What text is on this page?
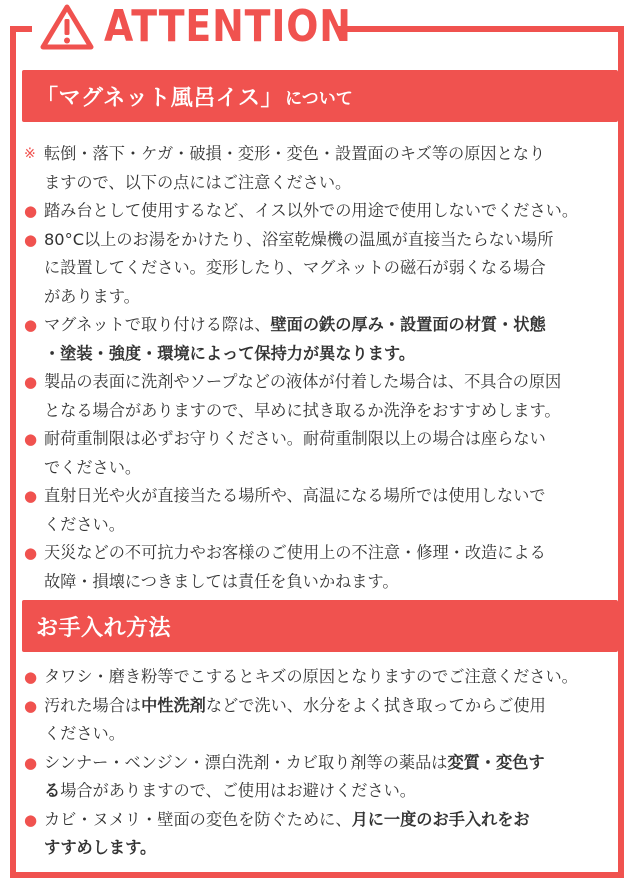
ATTENTION
「マグネット風呂イス」 について
※ 転倒・落下・ケガ・破損・変形・変色・設置面のキズ等の原因となり
ますので、以下の点にはご注意ください。
● 踏み台として使用するなど、イス以外での用途で使用しないでください。
● 80°C以上のお湯をかけたり、浴室乾燥機の温風が直接当たらない場所
に設置してください。変形したり、マグネットの磁石が弱くなる場合
があります。
● マグネットで取り付ける際は、壁面の鉄の厚み・設置面の材質・状態
・塗装・強度・環境によって保持力が異なります。
● 製品の表面に洗剤やソープなどの液体が付着した場合は、不具合の原因
となる場合がありますので、早めに拭き取るか洗浄をおすすめします。
● 耐荷重制限は必ずお守りください。耐荷重制限以上の場合は座らない
でください。
● 直射日光や火が直接当たる場所や、高温になる場所では使用しないで
ください。
● 天災などの不可抗力やお客様のご使用上の不注意・修理・改造による
故障・損壊につきましては責任を負いかねます。
お手入れ方法
● タワシ・磨き粉等でこするとキズの原因となりますのでご注意ください。
● 汚れた場合は中性洗剤などで洗い、水分をよく拭き取ってからご使用
ください。
● シンナー・ベンジン・漂白洗剤・カビ取り剤等の薬品は変質・変色す
る場合がありますので、ご使用はお避けください。
● カビ・ヌメリ・壁面の変色を防ぐために、月に一度のお手入れをお
すすめします。
